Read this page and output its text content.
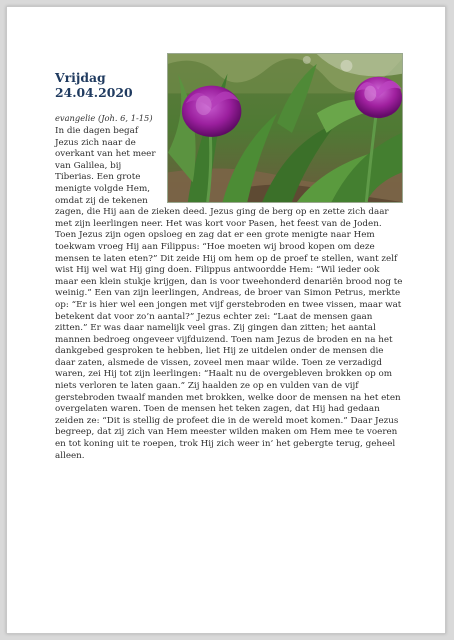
Vrijdag
24.04.2020

evangelie (Joh. 6, 1-15)

In die dagen begaf Jezus zich naar de overkant van het meer van Galilea, bij Tiberias. Een grote menigte volgde Hem, omdat zij de tekenen zagen, die Hij aan de zieken deed. Jezus ging de berg op en zette zich daar met zijn leerlingen neer. Het was kort voor Pasen, het feest van de Joden. Toen Jezus zijn ogen opsloeg en zag dat er een grote menigte naar Hem toekwam vroeg Hij aan Filippus: “Hoe moeten wij brood kopen om deze mensen te laten eten?” Dit zeide Hij om hem op de proef te stellen, want zelf wist Hij wel wat Hij ging doen. Filippus antwoordde Hem: “Wil ieder ook maar een klein stukje krijgen, dan is voor tweehonderd denariën brood nog te weinig.” Een van zijn leerlingen, Andreas, de broer van Simon Petrus, merkte op: “Er is hier wel een jongen met vijf gerstebroden en twee vissen, maar wat betekent dat voor zo’n aantal?” Jezus echter zei: “Laat de mensen gaan zitten.” Er was daar namelijk veel gras. Zij gingen dan zitten; het aantal mannen bedroeg ongeveer vijfduizend. Toen nam Jezus de broden en na het dankgebed gesproken te hebben, liet Hij ze uitdelen onder de mensen die daar zaten, alsmede de vissen, zoveel men maar wilde. Toen ze verzadigd waren, zei Hij tot zijn leerlingen: “Haalt nu de overgebleven brokken op om niets verloren te laten gaan.” Zij haalden ze op en vulden van de vijf gerstebroden twaalf manden met brokken, welke door de mensen na het eten overgelaten waren. Toen de mensen het teken zagen, dat Hij had gedaan zeiden ze: “Dit is stellig de profeet die in de wereld moet komen.” Daar Jezus begreep, dat zij zich van Hem meester wilden maken om Hem mee te voeren en tot koning uit te roepen, trok Hij zich weer in’ het gebergte terug, geheel alleen.
